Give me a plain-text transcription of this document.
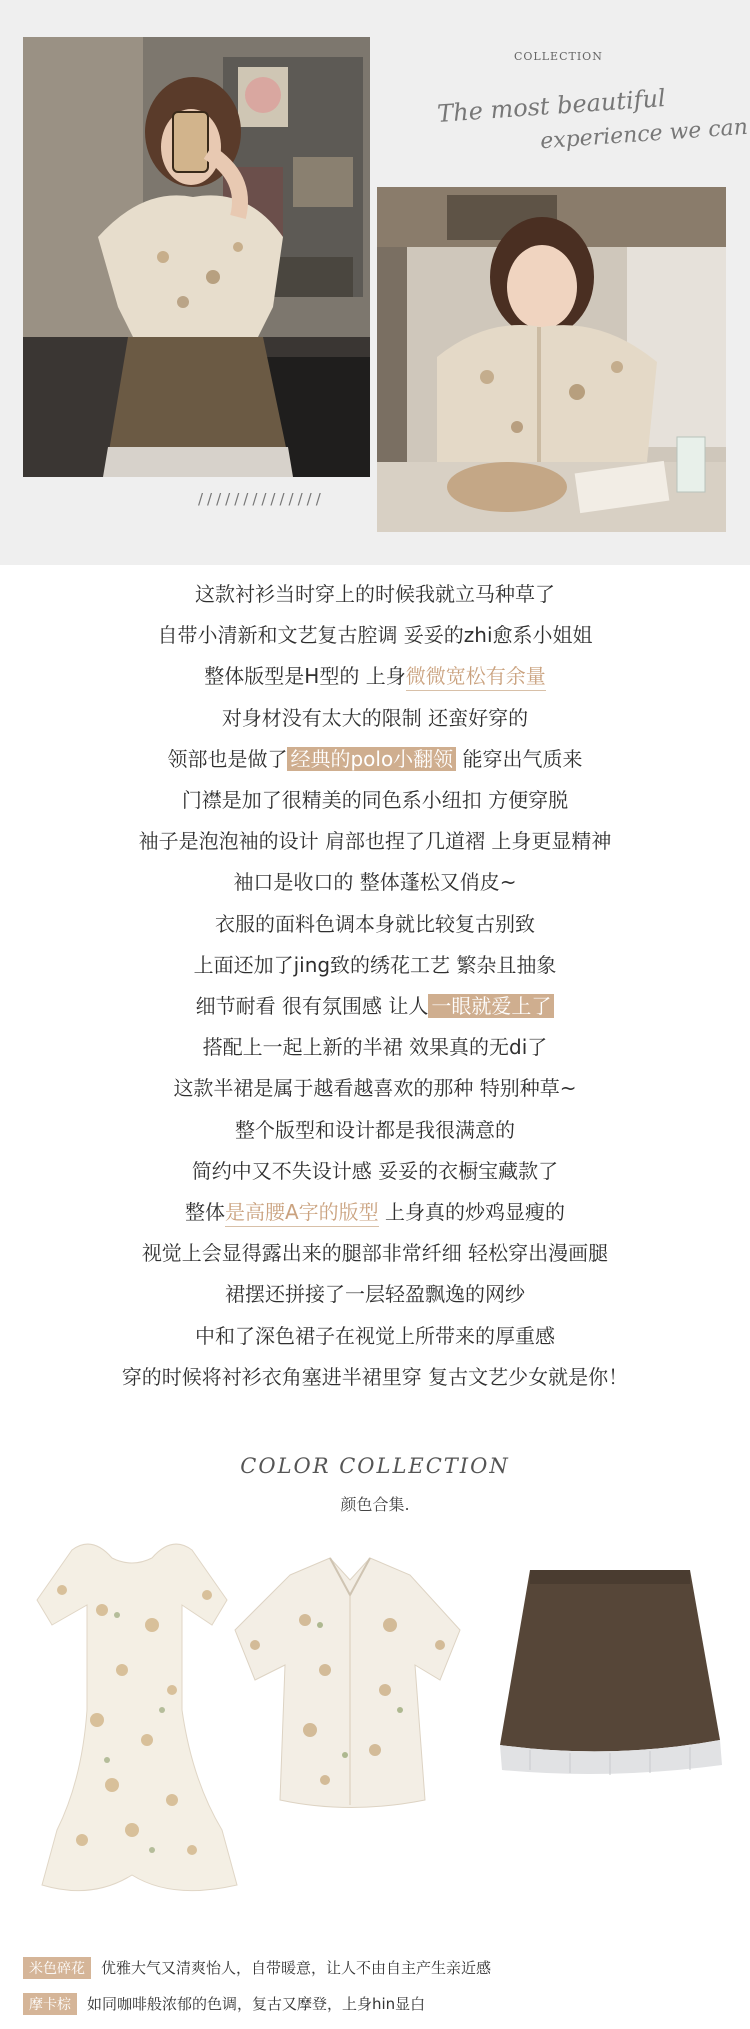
COLLECTION
The most beautiful
experience we can
//////////////
这款衬衫当时穿上的时候我就立马种草了
自带小清新和文艺复古腔调 妥妥的zhi愈系小姐姐
整体版型是H型的 上身微微宽松有余量
对身材没有太大的限制 还蛮好穿的
领部也是做了 经典的polo小翻领 能穿出气质来
门襟是加了很精美的同色系小纽扣 方便穿脱
袖子是泡泡袖的设计 肩部也捏了几道褶 上身更显精神
袖口是收口的 整体蓬松又俏皮~
衣服的面料色调本身就比较复古别致
上面还加了jing致的绣花工艺 繁杂且抽象
细节耐看 很有氛围感 让人 一眼就爱上了
搭配上一起上新的半裙 效果真的无di了
这款半裙是属于越看越喜欢的那种 特别种草~
整个版型和设计都是我很满意的
简约中又不失设计感 妥妥的衣橱宝藏款了
整体是高腰A字的版型 上身真的炒鸡显瘦的
视觉上会显得露出来的腿部非常纤细 轻松穿出漫画腿
裙摆还拼接了一层轻盈飘逸的网纱
中和了深色裙子在视觉上所带来的厚重感
穿的时候将衬衫衣角塞进半裙里穿 复古文艺少女就是你！
COLOR COLLECTION
颜色合集.
米色碎花 优雅大气又清爽怡人，自带暖意，让人不由自主产生亲近感
摩卡棕 如同咖啡般浓郁的色调，复古又摩登，上身hin显白
